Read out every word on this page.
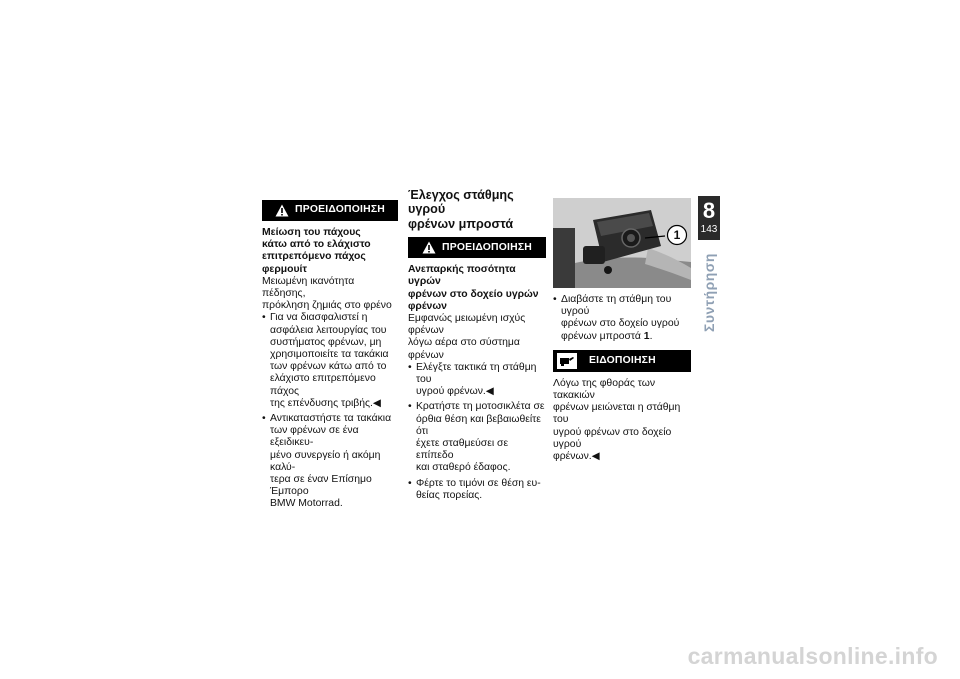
ΠΡΟΕΙΔΟΠΟΙΗΣΗ
Μείωση του πάχους
κάτω από το ελάχιστο
επιτρεπόμενο πάχος
φερμουίτ
Μειωμένη ικανότητα πέδησης,
πρόκληση ζημιάς στο φρένο
• Για να διασφαλιστεί η
ασφάλεια λειτουργίας του
συστήματος φρένων, μη
χρησιμοποιείτε τα τακάκια
των φρένων κάτω από το
ελάχιστο επιτρεπόμενο πάχος
της επένδυσης τριβής.◀
• Αντικαταστήστε τα τακάκια
των φρένων σε ένα εξειδικευ-
μένο συνεργείο ή ακόμη καλύ-
τερα σε έναν Επίσημο Έμπορο
BMW Motorrad.
Έλεγχος στάθμης υγρού
φρένων μπροστά
ΠΡΟΕΙΔΟΠΟΙΗΣΗ
Ανεπαρκής ποσότητα υγρών
φρένων στο δοχείο υγρών
φρένων
Εμφανώς μειωμένη ισχύς φρένων
λόγω αέρα στο σύστημα φρένων
• Ελέγξτε τακτικά τη στάθμη του
υγρού φρένων.◀
• Κρατήστε τη μοτοσικλέτα σε
όρθια θέση και βεβαιωθείτε ότι
έχετε σταθμεύσει σε επίπεδο
και σταθερό έδαφος.
• Φέρτε το τιμόνι σε θέση ευ-
θείας πορείας.
1
• Διαβάστε τη στάθμη του υγρού
φρένων στο δοχείο υγρού
φρένων μπροστά 1.
ΕΙΔΟΠΟΙΗΣΗ
Λόγω της φθοράς των τακακιών
φρένων μειώνεται η στάθμη του
υγρού φρένων στο δοχείο υγρού
φρένων.◀
8
143
Συντήρηση
carmanualsonline.info
